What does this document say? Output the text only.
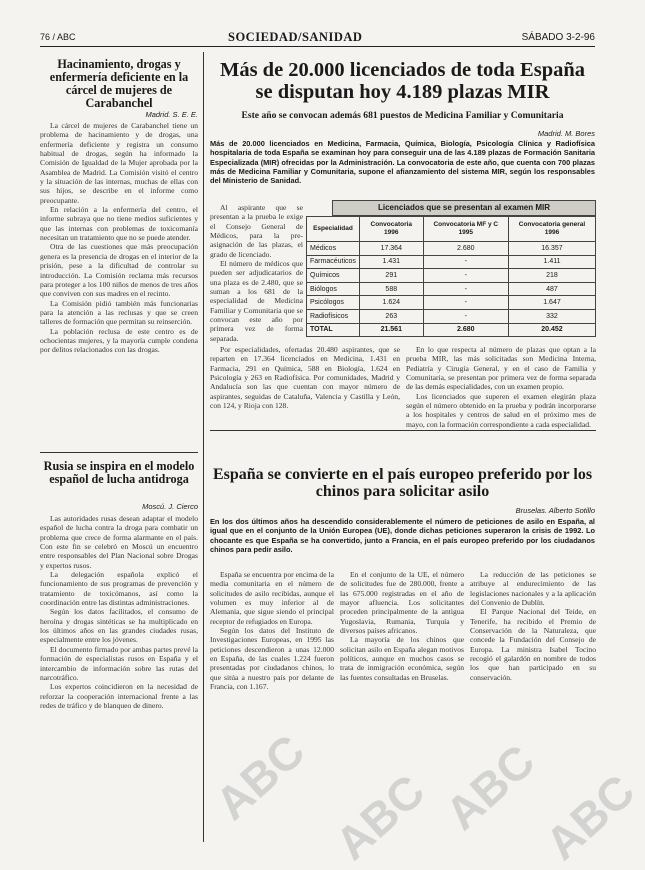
76 / ABC	SOCIEDAD/SANIDAD	SÁBADO 3-2-96
Hacinamiento, drogas y enfermería deficiente en la cárcel de mujeres de Carabanchel
Madrid. S. E. E.

La cárcel de mujeres de Carabanchel tiene un problema de hacinamiento y de drogas, una enfermería deficiente y registra un consumo habitual de drogas, según ha informado la Comisión de Igualdad de la Mujer aprobada por la Asamblea de Madrid. La Comisión visitó el centro y la situación de las internas, muchas de ellas con sus hijos, se describe en el informe como preocupante.

En relación a la enfermería del centro, el informe subraya que no tiene medios suficientes y que las internas con problemas de toxicomanía necesitan un tratamiento que no se puede atender.

Otra de las cuestiones que más preocupación genera es la presencia de drogas en el interior de la prisión, pese a la dificultad de controlar su introducción. La Comisión reclama más recursos para proteger a los 100 niños de menos de tres años que conviven con sus madres en el recinto.

La Comisión pidió también más funcionarias para la atención a las reclusas y que se creen talleres de formación que permitan su reinserción.

La población reclusa de este centro es de ochocientas mujeres, y la mayoría cumple condena por delitos relacionados con las drogas.

Rusia se inspira en el modelo español de lucha antidroga
Moscú. J. Cierco

Las autoridades rusas desean adaptar el modelo español de lucha contra la droga para combatir un problema que crece de forma alarmante en el país. Con este fin se celebró en Moscú un encuentro entre responsables del Plan Nacional sobre Drogas y expertos rusos.

La delegación española explicó el funcionamiento de sus programas de prevención y tratamiento de toxicómanos, así como la coordinación entre las distintas administraciones.

Según los datos facilitados, el consumo de heroína y drogas sintéticas se ha multiplicado en los últimos años en las grandes ciudades rusas, especialmente entre los jóvenes.

El documento firmado por ambas partes prevé la formación de especialistas rusos en España y el intercambio de información sobre las rutas del narcotráfico.

Los expertos coincidieron en la necesidad de reforzar la cooperación internacional frente a las redes de tráfico y de blanqueo de dinero.

Más de 20.000 licenciados de toda España se disputan hoy 4.189 plazas MIR
Este año se convocan además 681 puestos de Medicina Familiar y Comunitaria
Madrid. M. Bores
Más de 20.000 licenciados en Medicina, Farmacia, Química, Biología, Psicología Clínica y Radiofísica hospitalaria de toda España se examinan hoy para conseguir una de las 4.189 plazas de Formación Sanitaria Especializada (MIR) ofrecidas por la Administración. La convocatoria de este año, que cuenta con 700 plazas más de Medicina Familiar y Comunitaria, supone el afianzamiento del sistema MIR, según los responsables del Ministerio de Sanidad.

Al aspirante que se presentan a la prueba le exige el Consejo General de Médicos, para la pre-asignación de las plazas, el grado de licenciado.

El número de médicos que pueden ser adjudicatarios de una plaza es de 2.480, que se suman a los 681 de la especialidad de Medicina Familiar y Comunitaria que se convocan este año por primera vez de forma separada.

Licenciados que se presentan al examen MIR
Especialidad	Convocatoria 1996	Convocatoria MF y C 1995	Convocatoria general 1996
Médicos	17.364	2.680	16.357
Farmacéuticos	1.431	-	1.411
Químicos	291	-	218
Biólogos	588	-	487
Psicólogos	1.624	-	1.647
Radiofísicos	263	-	332
TOTAL	21.561	2.680	20.452

Por especialidades, ofertadas 20.480 aspirantes, que se reparten en 17.364 licenciados en Medicina, 1.431 en Farmacia, 291 en Química, 588 en Biología, 1.624 en Psicología y 263 en Radiofísica. Por comunidades, Madrid y Andalucía son las que cuentan con mayor número de aspirantes, seguidas de Cataluña, Valencia y Castilla y León, con 124, y Rioja con 128.

En lo que respecta al número de plazas que optan a la prueba MIR, las más solicitadas son Medicina Interna, Pediatría y Cirugía General, y en el caso de Familia y Comunitaria, se presentan por primera vez de forma separada de las demás especialidades, con un examen propio.

Los licenciados que superen el examen elegirán plaza según el número obtenido en la prueba y podrán incorporarse a los hospitales y centros de salud en el próximo mes de mayo, con la formación correspondiente a cada especialidad.

España se convierte en el país europeo preferido por los chinos para solicitar asilo
Bruselas. Alberto Sotillo
En los dos últimos años ha descendido considerablemente el número de peticiones de asilo en España, al igual que en el conjunto de la Unión Europea (UE), donde dichas peticiones superaron la crisis de 1992. Lo chocante es que España se ha convertido, junto a Francia, en el país europeo preferido por los ciudadanos chinos para pedir asilo.

España se encuentra por encima de la media comunitaria en el número de solicitudes de asilo recibidas, aunque el volumen es muy inferior al de Alemania, que sigue siendo el principal receptor de refugiados en Europa.

Según los datos del Instituto de Investigaciones Europeas, en 1995 las peticiones descendieron a unas 12.000 en España, de las cuales 1.224 fueron presentadas por ciudadanos chinos, lo que sitúa a nuestro país por delante de Francia, con 1.167.

En el conjunto de la UE, el número de solicitudes fue de 280.000, frente a las 675.000 registradas en el año de mayor afluencia. Los solicitantes proceden principalmente de la antigua Yugoslavia, Rumania, Turquía y diversos países africanos.

La mayoría de los chinos que solicitan asilo en España alegan motivos políticos, aunque en muchos casos se trata de inmigración económica, según las fuentes consultadas en Bruselas.

La reducción de las peticiones se atribuye al endurecimiento de las legislaciones nacionales y a la aplicación del Convenio de Dublín.

El Parque Nacional del Teide, en Tenerife, ha recibido el Premio de Conservación de la Naturaleza, que concede la Fundación del Consejo de Europa. La ministra Isabel Tocino recogió el galardón en nombre de todos los que han participado en su conservación.

ABC ABC ABC
ABC
